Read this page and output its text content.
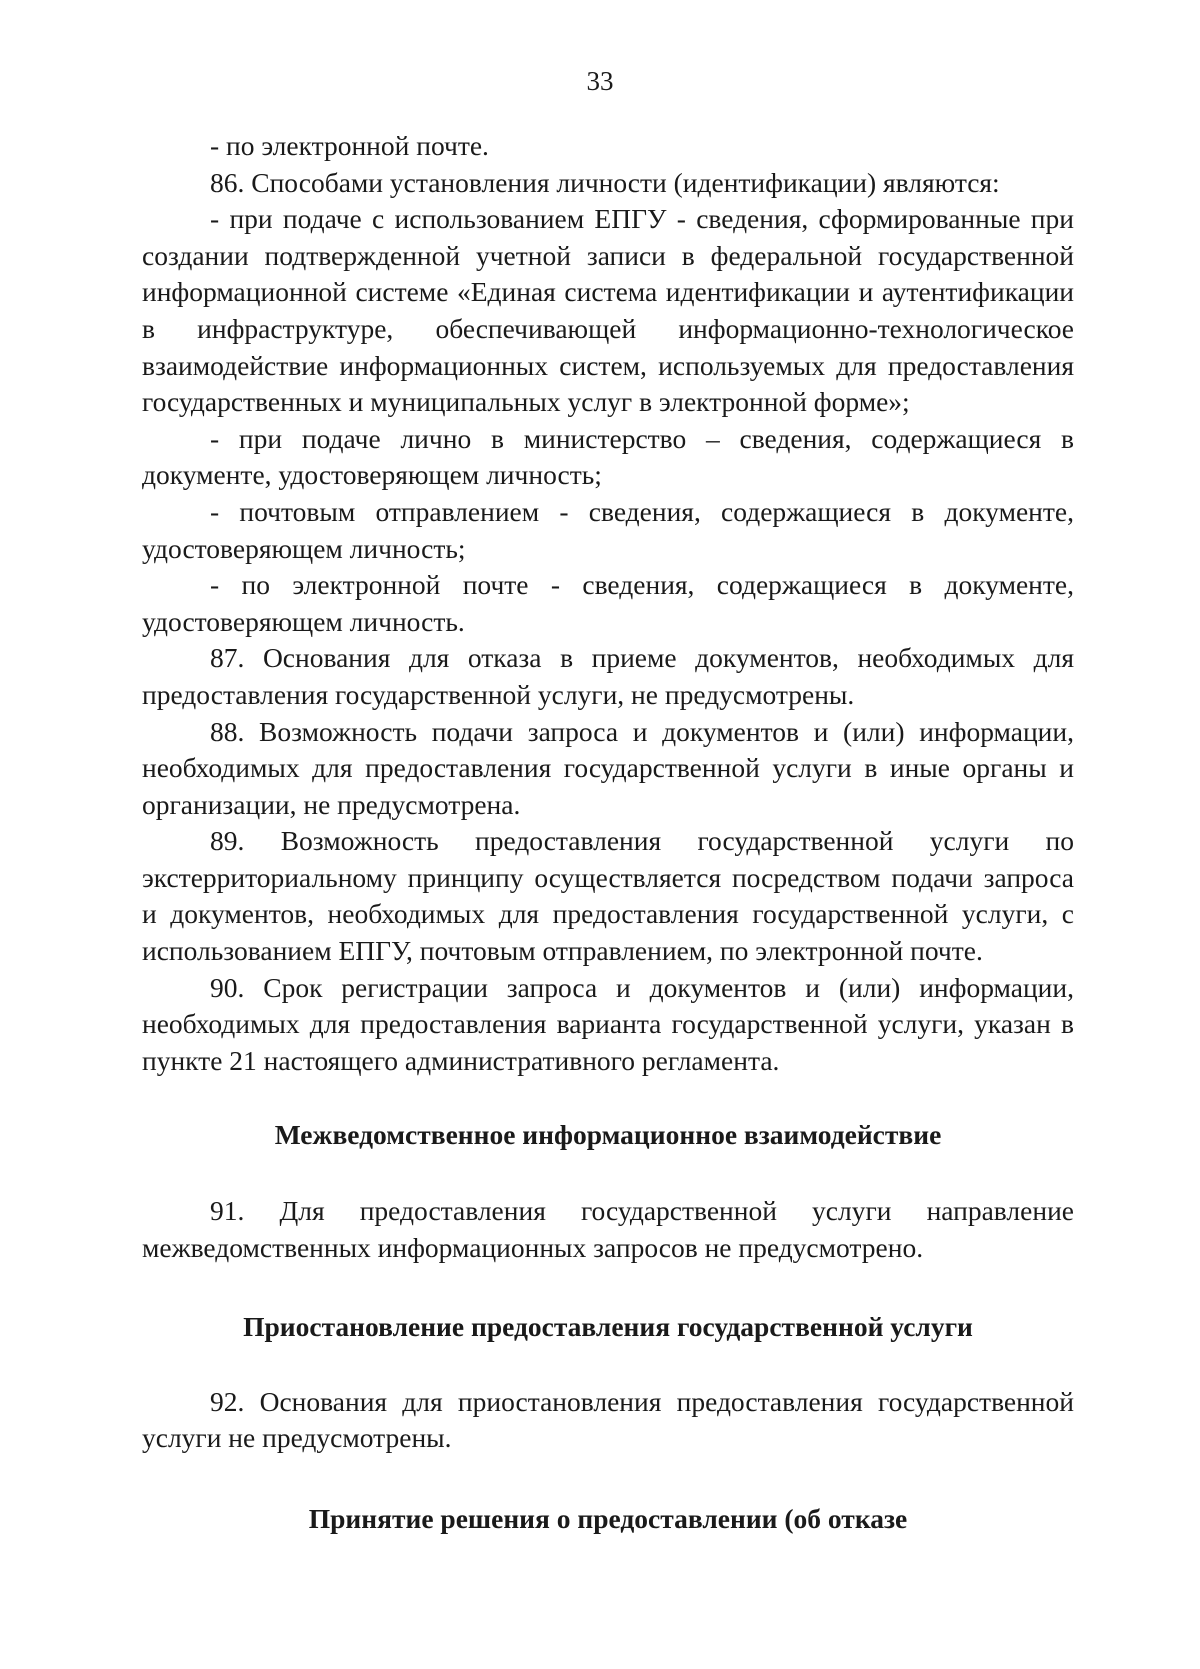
33

- по электронной почте.

86. Способами установления личности (идентификации) являются:

- при подаче с использованием ЕПГУ - сведения, сформированные при создании подтвержденной учетной записи в федеральной государственной информационной системе «Единая система идентификации и аутентификации в инфраструктуре, обеспечивающей информационно-технологическое взаимодействие информационных систем, используемых для предоставления государственных и муниципальных услуг в электронной форме»;

- при подаче лично в министерство – сведения, содержащиеся в документе, удостоверяющем личность;

- почтовым отправлением - сведения, содержащиеся в документе, удостоверяющем личность;

- по электронной почте - сведения, содержащиеся в документе, удостоверяющем личность.

87. Основания для отказа в приеме документов, необходимых для предоставления государственной услуги, не предусмотрены.

88. Возможность подачи запроса и документов и (или) информации, необходимых для предоставления государственной услуги в иные органы и организации, не предусмотрена.

89. Возможность предоставления государственной услуги по экстерриториальному принципу осуществляется посредством подачи запроса и документов, необходимых для предоставления государственной услуги, с использованием ЕПГУ, почтовым отправлением, по электронной почте.

90. Срок регистрации запроса и документов и (или) информации, необходимых для предоставления варианта государственной услуги, указан в пункте 21 настоящего административного регламента.

Межведомственное информационное взаимодействие

91. Для предоставления государственной услуги направление межведомственных информационных запросов не предусмотрено.

Приостановление предоставления государственной услуги

92. Основания для приостановления предоставления государственной услуги не предусмотрены.

Принятие решения о предоставлении (об отказе
